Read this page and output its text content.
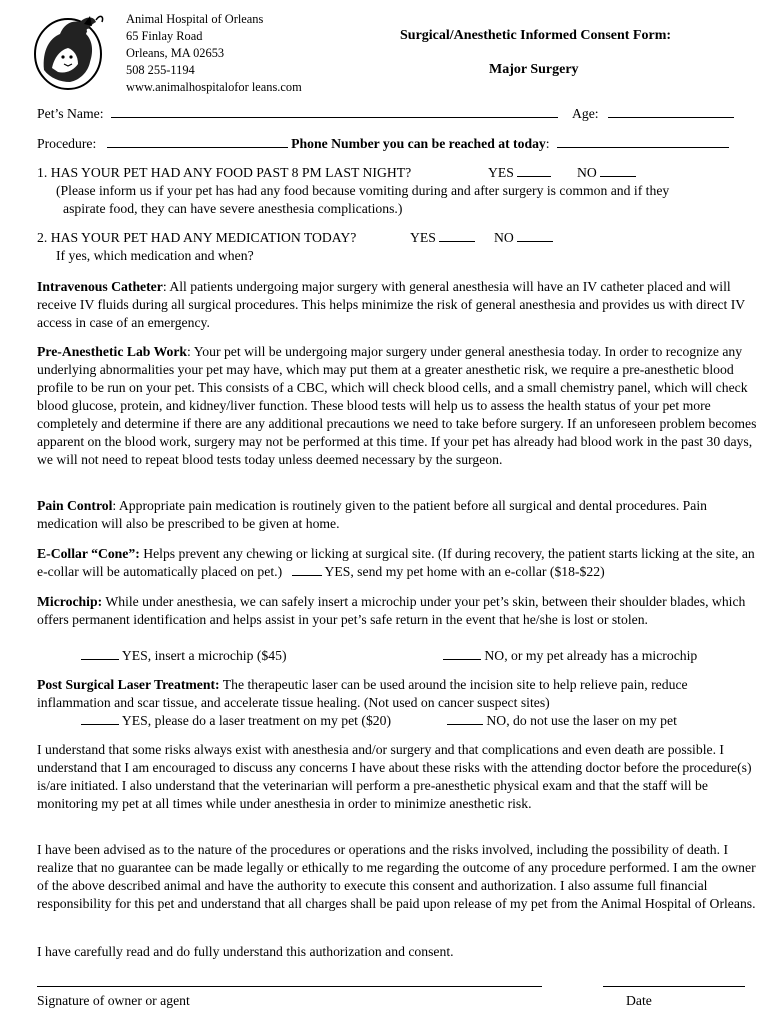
Animal Hospital of Orleans
65 Finlay Road
Orleans, MA 02653
508 255-1194
www.animalhospitalofor leans.com
Surgical/Anesthetic Informed Consent Form:
Major Surgery
Pet’s Name:	Age:
Procedure:	Phone Number you can be reached at today:
1. HAS YOUR PET HAD ANY FOOD PAST 8 PM LAST NIGHT?	YES	NO
(Please inform us if your pet has had any food because vomiting during and after surgery is common and if they
aspirate food, they can have severe anesthesia complications.)
2. HAS YOUR PET HAD ANY MEDICATION TODAY?	YES	NO
If yes, which medication and when?
Intravenous Catheter: All patients undergoing major surgery with general anesthesia will have an IV catheter placed and will receive IV fluids during all surgical procedures. This helps minimize the risk of general anesthesia and provides us with direct IV access in case of an emergency.
Pre-Anesthetic Lab Work: Your pet will be undergoing major surgery under general anesthesia today. In order to recognize any underlying abnormalities your pet may have, which may put them at a greater anesthetic risk, we require a pre-anesthetic blood profile to be run on your pet. This consists of a CBC, which will check blood cells, and a small chemistry panel, which will check blood glucose, protein, and kidney/liver function. These blood tests will help us to assess the health status of your pet more completely and determine if there are any additional precautions we need to take before surgery. If an unforeseen problem becomes apparent on the blood work, surgery may not be performed at this time. If your pet has already had blood work in the past 30 days, we will not need to repeat blood tests today unless deemed necessary by the surgeon.
Pain Control: Appropriate pain medication is routinely given to the patient before all surgical and dental procedures. Pain medication will also be prescribed to be given at home.
E-Collar “Cone”: Helps prevent any chewing or licking at surgical site. (If during recovery, the patient starts licking at the site, an e-collar will be automatically placed on pet.)	YES, send my pet home with an e-collar ($18-$22)
Microchip: While under anesthesia, we can safely insert a microchip under your pet’s skin, between their shoulder blades, which offers permanent identification and helps assist in your pet’s safe return in the event that he/she is lost or stolen.
YES, insert a microchip ($45)	NO, or my pet already has a microchip
Post Surgical Laser Treatment: The therapeutic laser can be used around the incision site to help relieve pain, reduce inflammation and scar tissue, and accelerate tissue healing. (Not used on cancer suspect sites)
YES, please do a laser treatment on my pet ($20)	NO, do not use the laser on my pet
I understand that some risks always exist with anesthesia and/or surgery and that complications and even death are possible. I understand that I am encouraged to discuss any concerns I have about these risks with the attending doctor before the procedure(s) is/are initiated. I also understand that the veterinarian will perform a pre-anesthetic physical exam and that the staff will be monitoring my pet at all times while under anesthesia in order to minimize anesthetic risk.
I have been advised as to the nature of the procedures or operations and the risks involved, including the possibility of death. I realize that no guarantee can be made legally or ethically to me regarding the outcome of any procedure performed. I am the owner of the above described animal and have the authority to execute this consent and authorization. I also assume full financial responsibility for this pet and understand that all charges shall be paid upon release of my pet from the Animal Hospital of Orleans.
I have carefully read and do fully understand this authorization and consent.
Signature of owner or agent	Date
